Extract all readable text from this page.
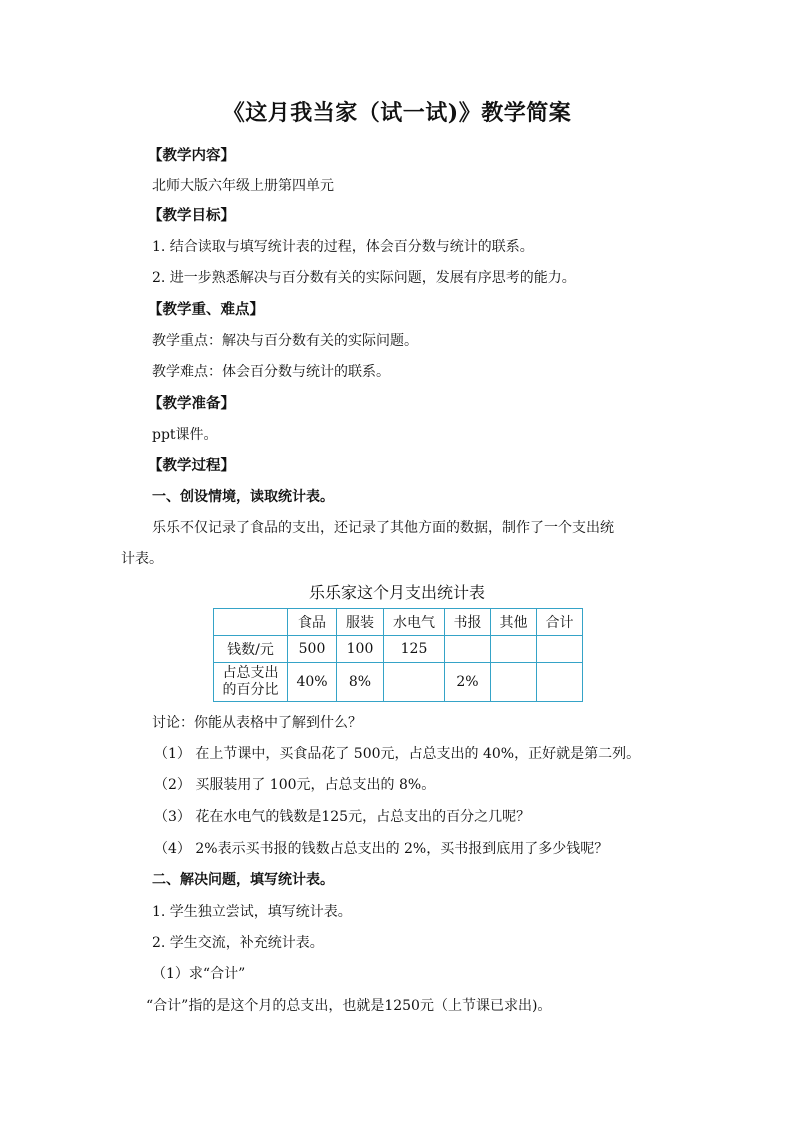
《这月我当家（试一试)》教学简案
【教学内容】
北师大版六年级上册第四单元
【教学目标】
1. 结合读取与填写统计表的过程，体会百分数与统计的联系。
2. 进一步熟悉解决与百分数有关的实际问题，发展有序思考的能力。
【教学重、难点】
教学重点：解决与百分数有关的实际问题。
教学难点：体会百分数与统计的联系。
【教学准备】
ppt课件。
【教学过程】
一、创设情境，读取统计表。
乐乐不仅记录了食品的支出，还记录了其他方面的数据，制作了一个支出统
计表。
乐乐家这个月支出统计表
	食品	服装	水电气	书报	其他	合计
钱数/元	500	100	125			

占总支出
的百分比	40%	8%		2%		
讨论：你能从表格中了解到什么？
（1） 在上节课中，买食品花了 500元，占总支出的 40%，正好就是第二列。
（2） 买服装用了 100元，占总支出的 8%。
（3） 花在水电气的钱数是125元，占总支出的百分之几呢？
（4） 2%表示买书报的钱数占总支出的 2%，买书报到底用了多少钱呢？
二、解决问题，填写统计表。
1. 学生独立尝试，填写统计表。
2. 学生交流，补充统计表。
（1）求“合计”
“合计”指的是这个月的总支出，也就是1250元（上节课已求出)。
